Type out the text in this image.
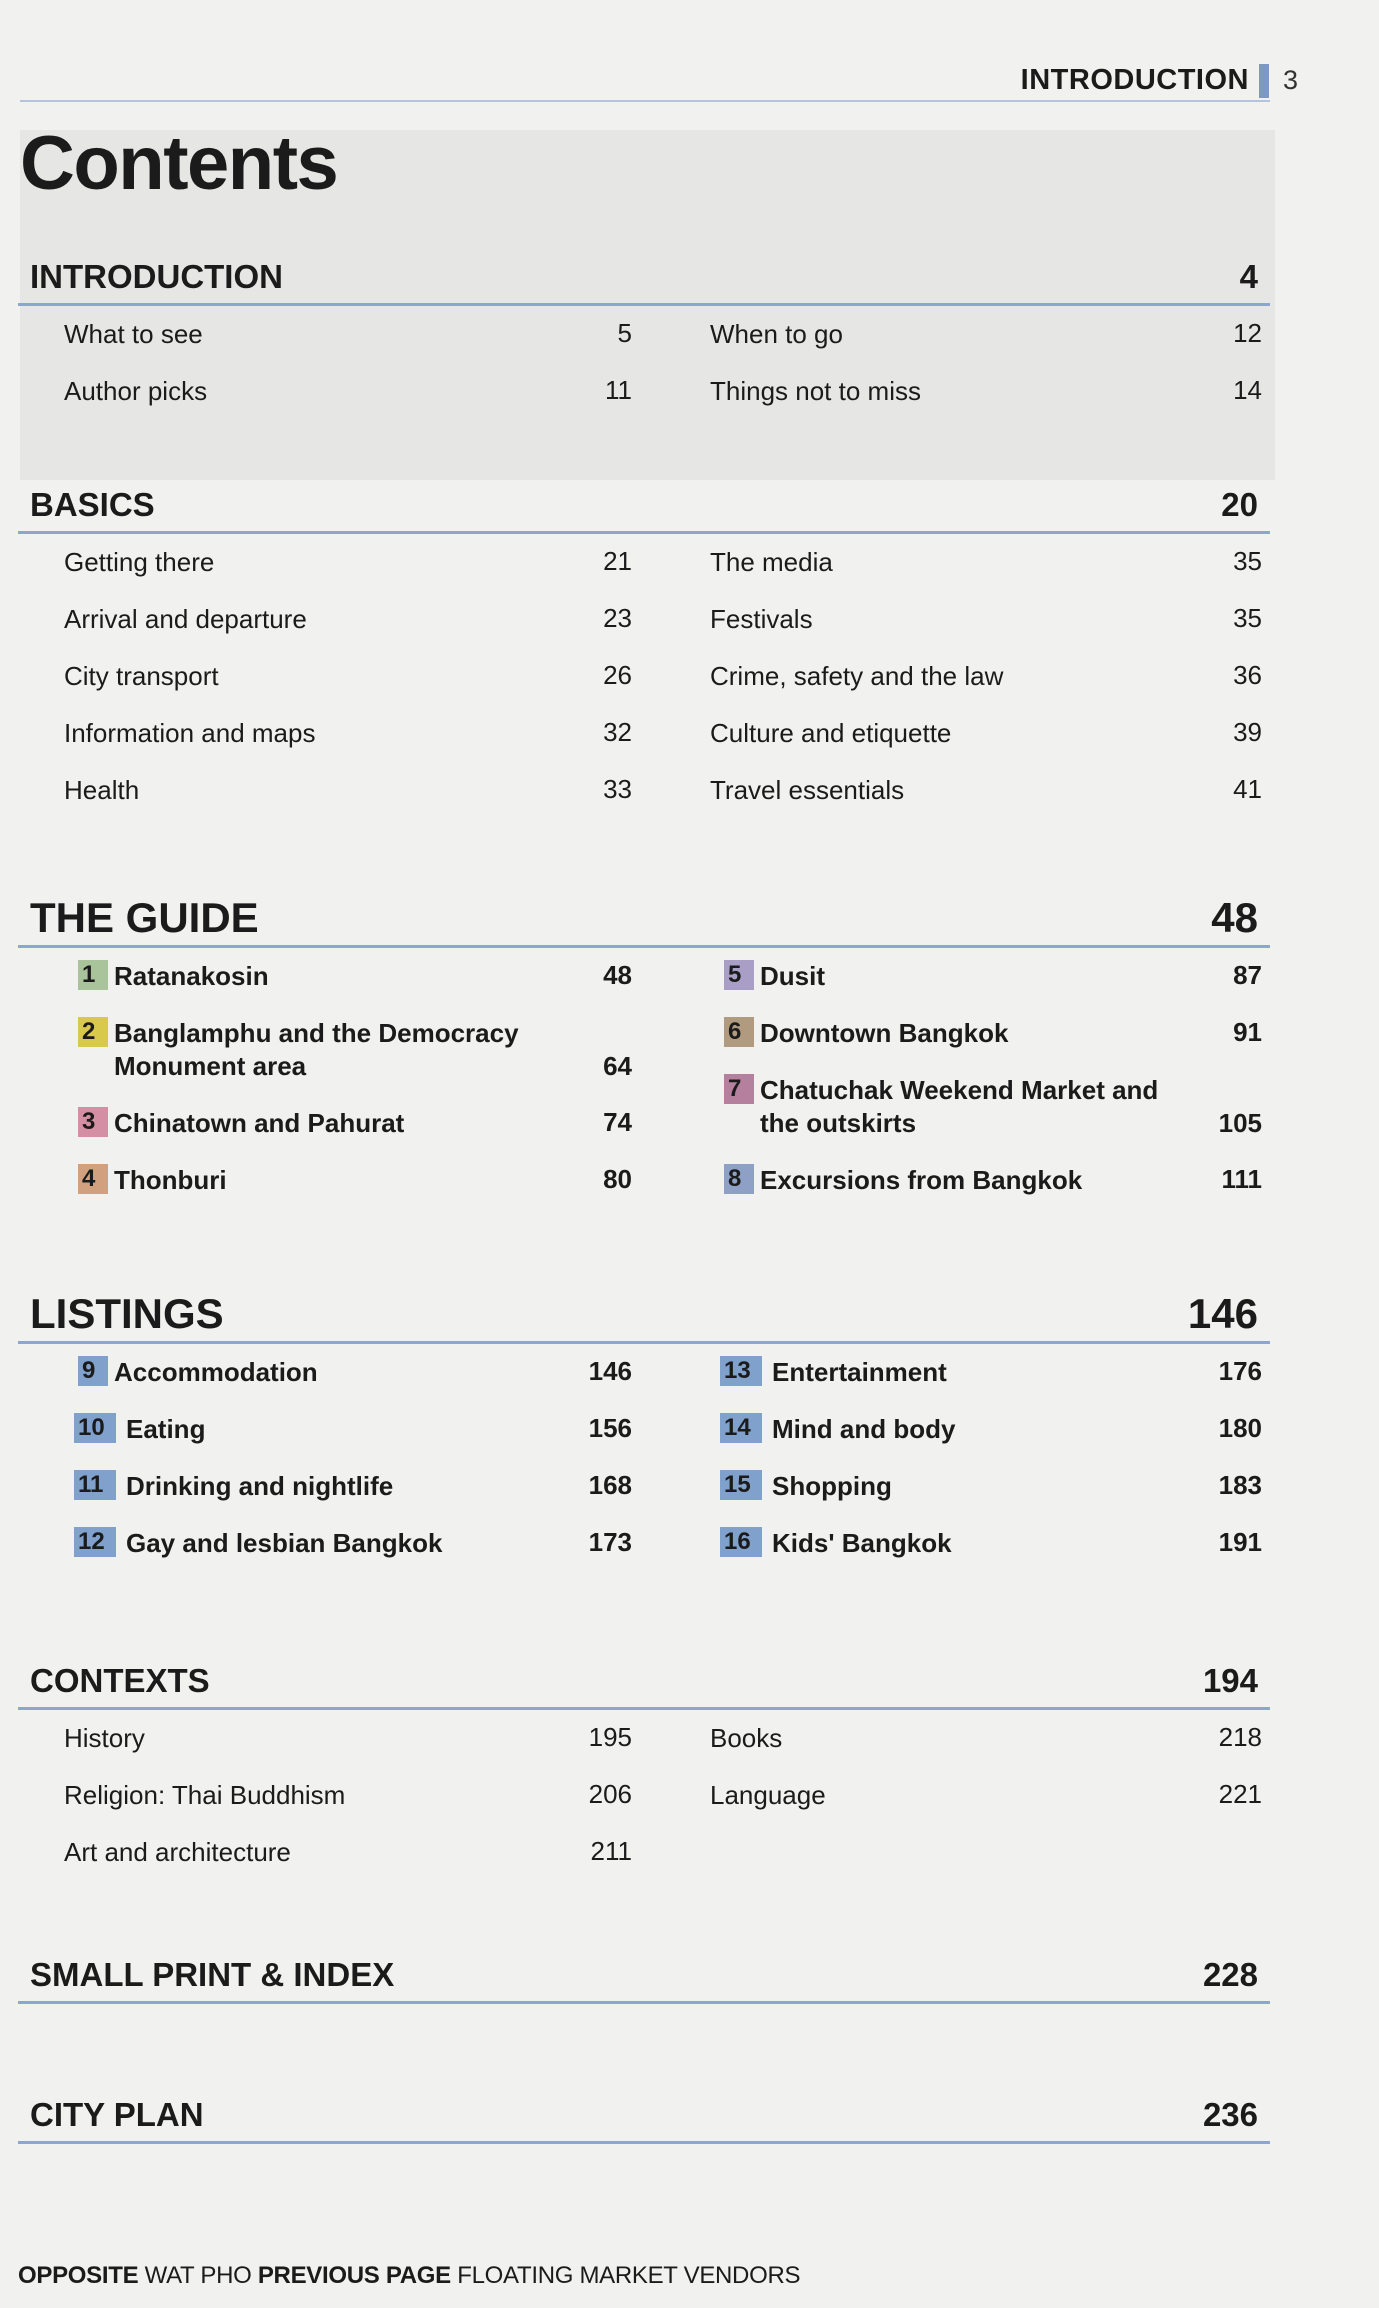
INTRODUCTION 3
Contents
INTRODUCTION	4
What to see	5
Author picks	11
When to go	12
Things not to miss	14
BASICS	20
Getting there	21
Arrival and departure	23
City transport	26
Information and maps	32
Health	33
The media	35
Festivals	35
Crime, safety and the law	36
Culture and etiquette	39
Travel essentials	41
THE GUIDE	48
1 Ratanakosin	48
2 Banglamphu and the Democracy Monument area	64
3 Chinatown and Pahurat	74
4 Thonburi	80
5 Dusit	87
6 Downtown Bangkok	91
7 Chatuchak Weekend Market and the outskirts	105
8 Excursions from Bangkok	111
LISTINGS	146
9 Accommodation	146
10 Eating	156
11 Drinking and nightlife	168
12 Gay and lesbian Bangkok	173
13 Entertainment	176
14 Mind and body	180
15 Shopping	183
16 Kids' Bangkok	191
CONTEXTS	194
History	195
Religion: Thai Buddhism	206
Art and architecture	211
Books	218
Language	221
SMALL PRINT & INDEX	228
CITY PLAN	236
OPPOSITE WAT PHO PREVIOUS PAGE FLOATING MARKET VENDORS
